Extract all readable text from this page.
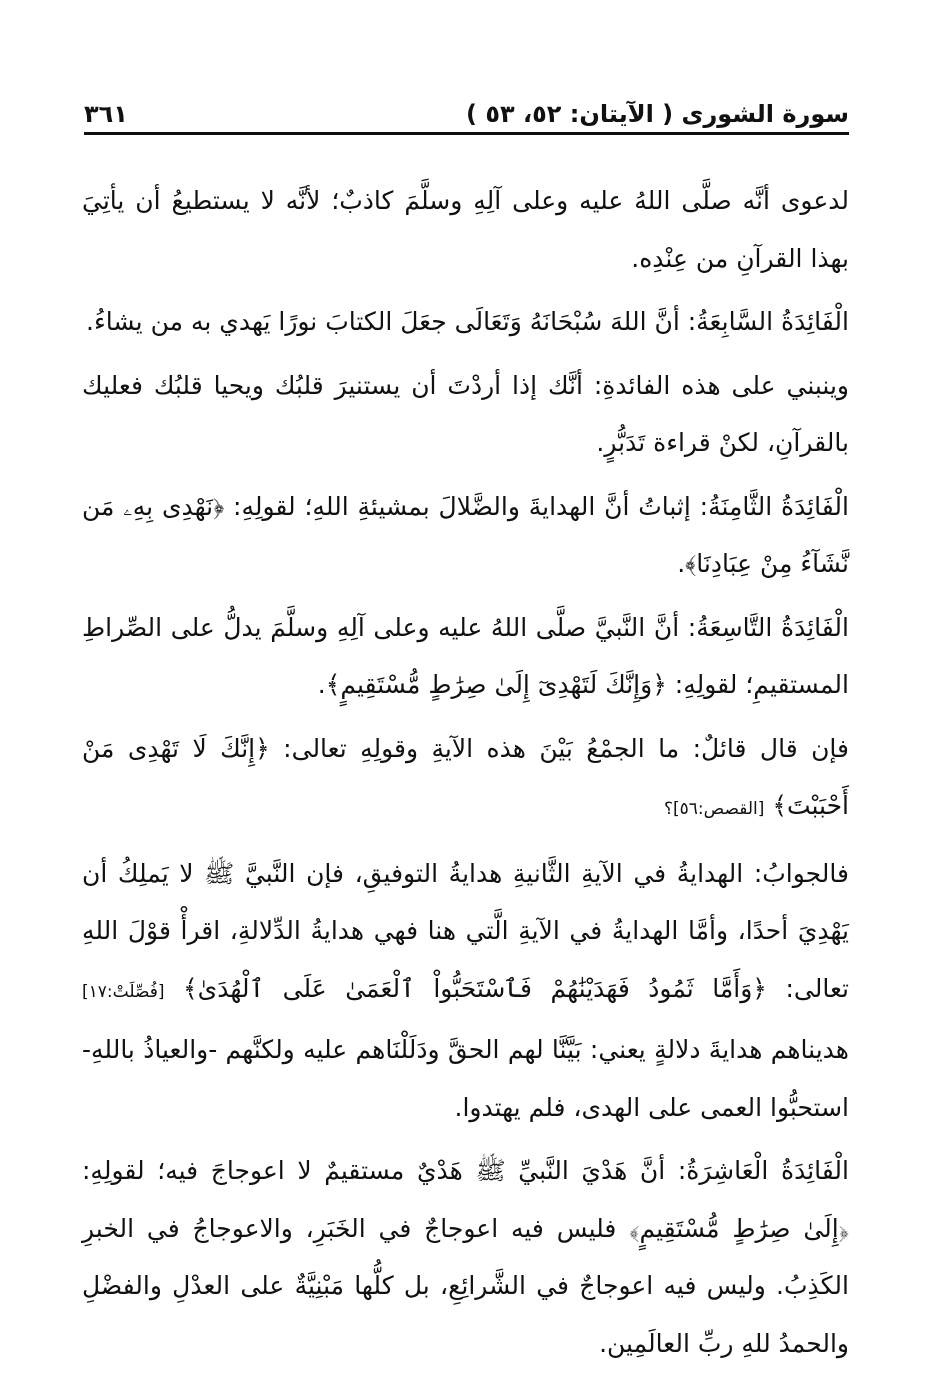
سورة الشورى ( الآيتان: ٥٢، ٥٣ )
٣٦١

لدعوى أنَّه صلَّى اللهُ عليه وعلى آلِهِ وسلَّمَ كاذبٌ؛ لأنَّه لا يستطيعُ أن يأتِيَ بهذا القرآنِ من عِنْدِه.

الْفَائِدَةُ السَّابِعَةُ: أنَّ اللهَ سُبْحَانَهُ وَتَعَالَى جعَلَ الكتابَ نورًا يَهدي به من يشاءُ.

وينبني على هذه الفائدةِ: أنَّك إذا أردْتَ أن يستنيرَ قلبُك ويحيا قلبُك فعليك بالقرآنِ، لكنْ قراءة تَدَبُّرٍ.

الْفَائِدَةُ الثَّامِنَةُ: إثباتُ أنَّ الهدايةَ والضَّلالَ بمشيئةِ اللهِ؛ لقولِهِ: ﴿نَهْدِى بِهِۦ مَن نَّشَآءُ مِنْ عِبَادِنَا﴾.

الْفَائِدَةُ التَّاسِعَةُ: أنَّ النَّبيَّ صلَّى اللهُ عليه وعلى آلِهِ وسلَّمَ يدلُّ على الصِّراطِ المستقيمِ؛ لقولِهِ: ﴿وَإِنَّكَ لَتَهْدِىٓ إِلَىٰ صِرَٰطٍ مُّسْتَقِيمٍ﴾.

فإن قال قائلٌ: ما الجمْعُ بَيْنَ هذه الآيةِ وقولِهِ تعالى: ﴿إِنَّكَ لَا تَهْدِى مَنْ أَحْبَبْتَ﴾ [القصص:٥٦]؟

فالجوابُ: الهدايةُ في الآيةِ الثَّانيةِ هدايةُ التوفيقِ، فإن النَّبيَّ ﷺ لا يَملِكُ أن يَهْدِيَ أحدًا، وأمَّا الهدايةُ في الآيةِ الَّتي هنا فهي هدايةُ الدِّلالةِ، اقرأْ قوْلَ اللهِ تعالى: ﴿وَأَمَّا ثَمُودُ فَهَدَيْنَٰهُمْ فَٱسْتَحَبُّواْ ٱلْعَمَىٰ عَلَى ٱلْهُدَىٰ﴾ [فُصِّلَتْ:١٧] هديناهم هدايةَ دلالةٍ يعني: بَيَّنَّا لهم الحقَّ ودَلَلْنَاهم عليه ولكنَّهم -والعياذُ باللهِ- استحبُّوا العمى على الهدى، فلم يهتدوا.

الْفَائِدَةُ الْعَاشِرَةُ: أنَّ هَدْيَ النَّبيِّ ﷺ هَدْيٌ مستقيمٌ لا اعوجاجَ فيه؛ لقولِهِ: ﴿إِلَىٰ صِرَٰطٍ مُّسْتَقِيمٍ﴾ فليس فيه اعوجاجٌ في الخَبَرِ، والاعوجاجُ في الخبرِ الكَذِبُ. وليس فيه اعوجاجٌ في الشَّرائِعِ، بل كلُّها مَبْنِيَّةٌ على العدْلِ والفضْلِ والحمدُ للهِ ربِّ العالَمِين.
